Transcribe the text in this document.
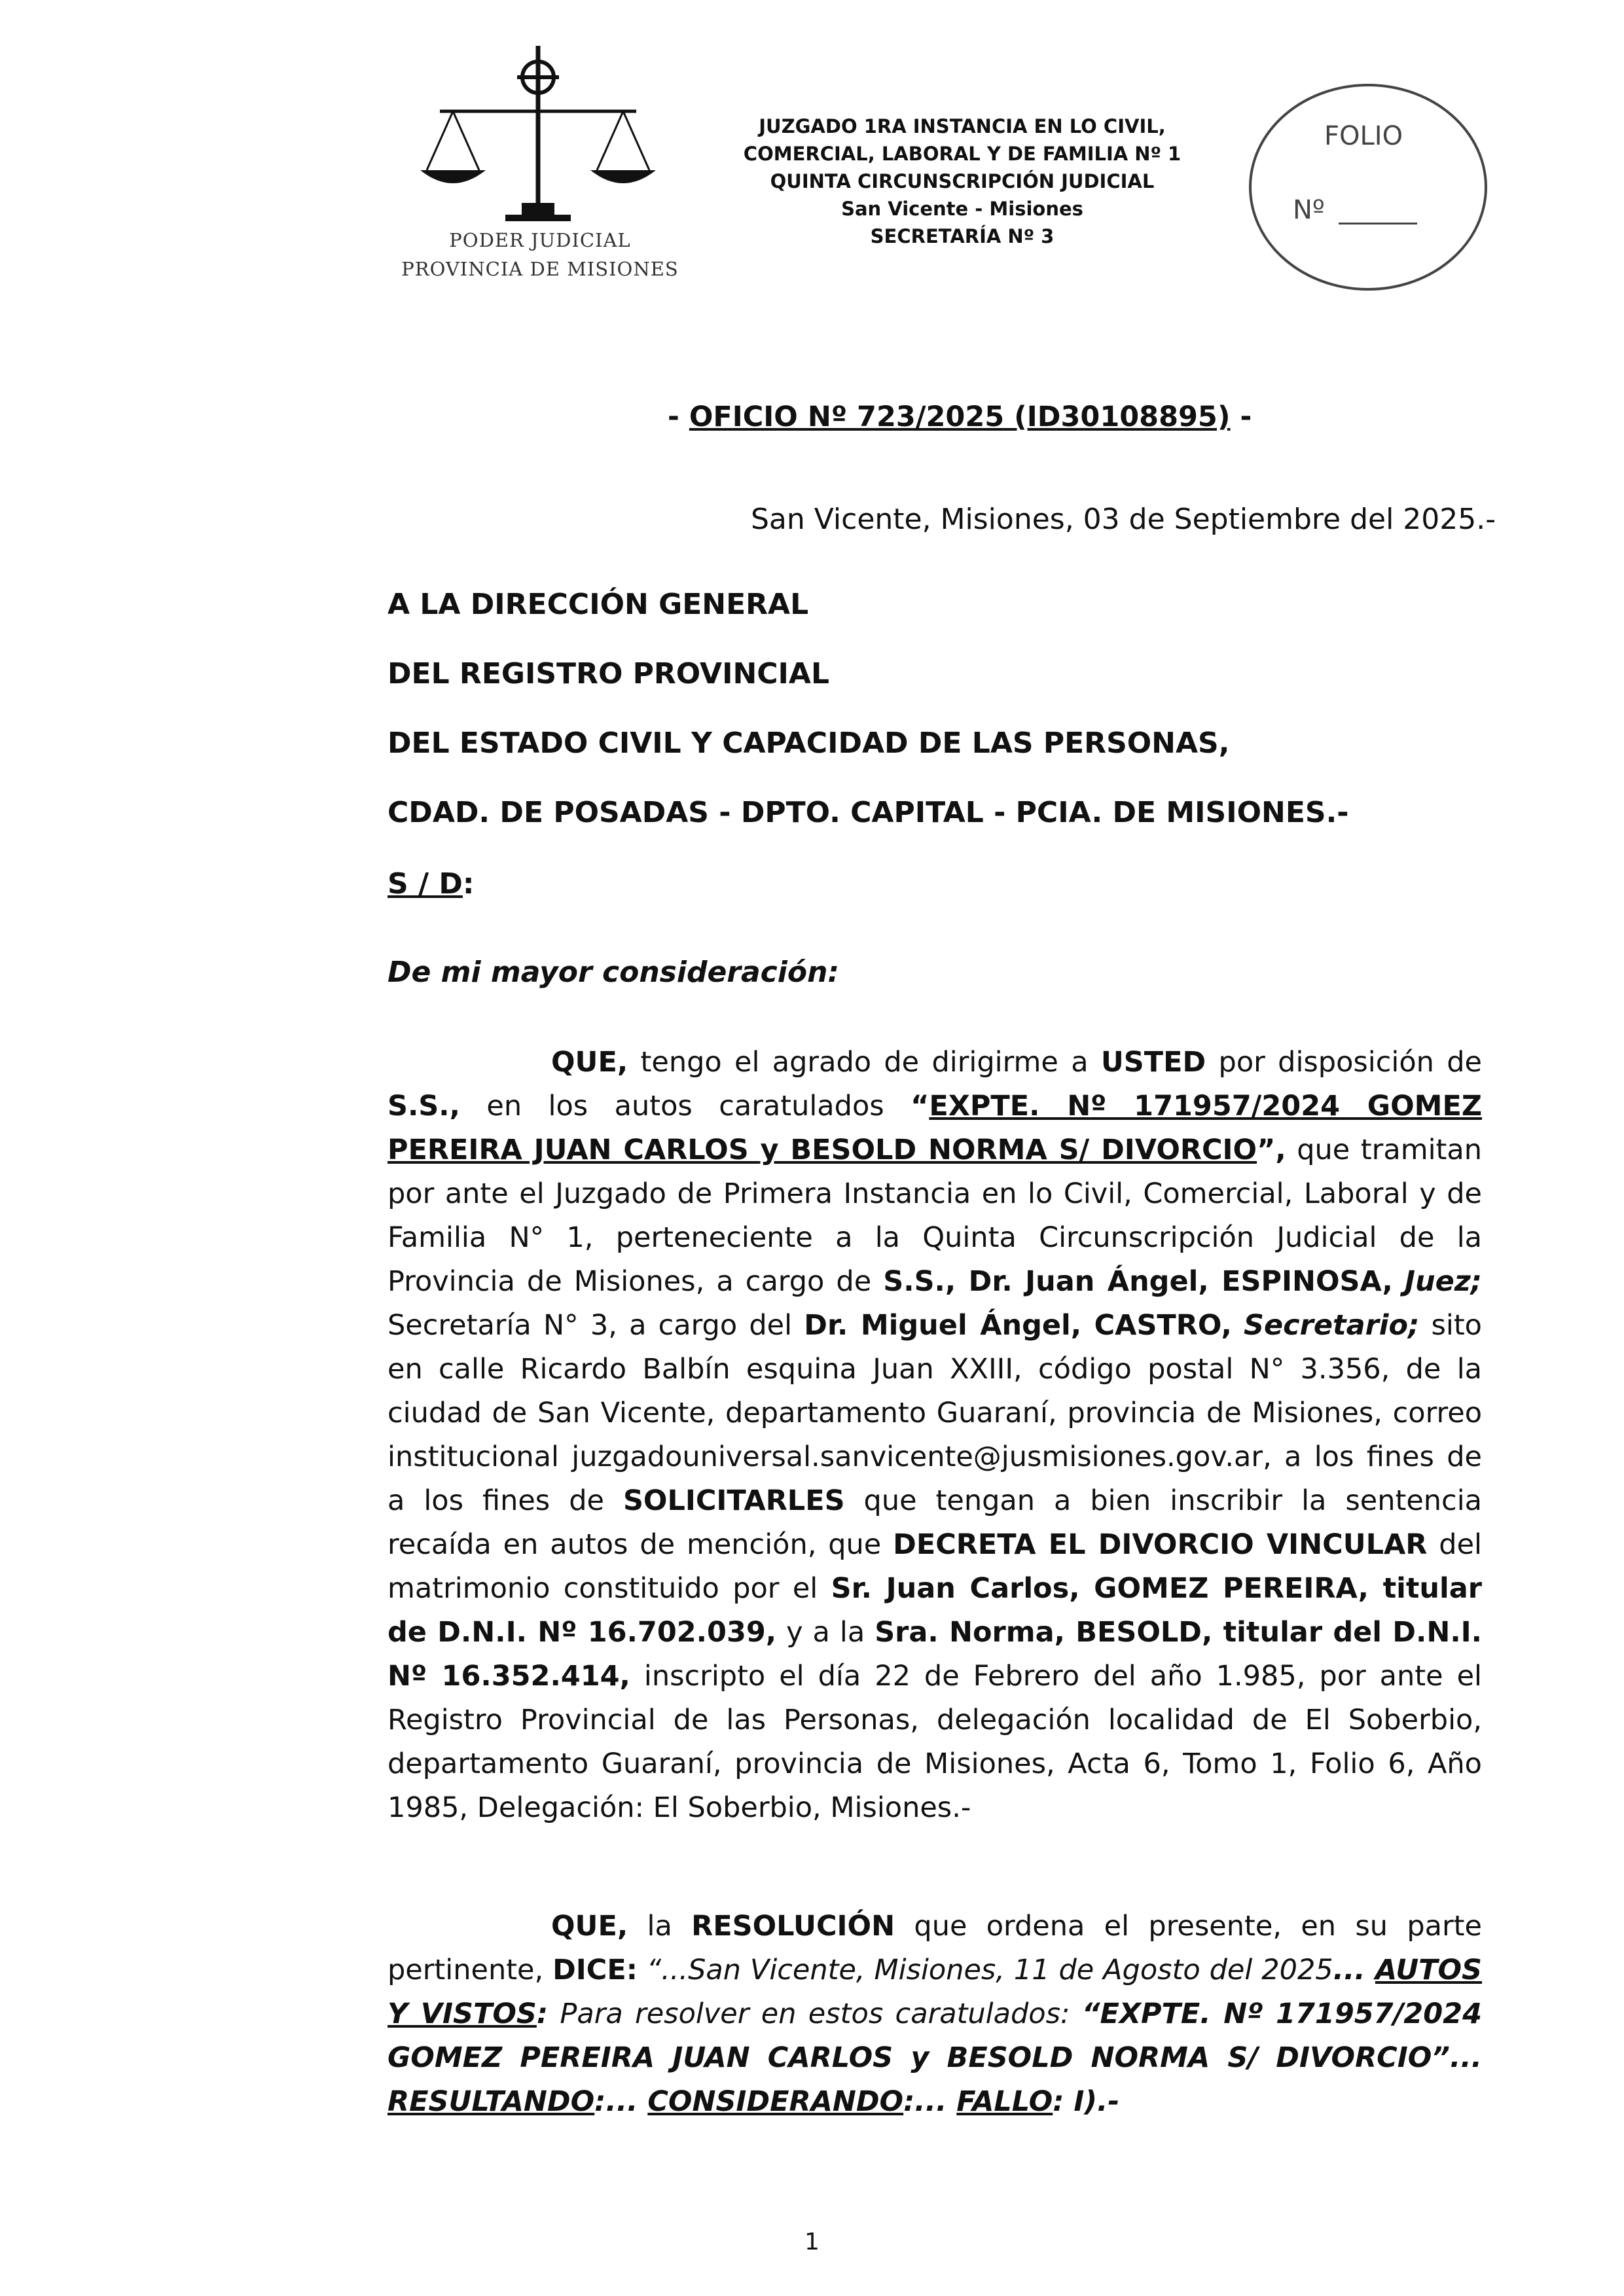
PODER JUDICIAL
PROVINCIA DE MISIONES
JUZGADO 1RA INSTANCIA EN LO CIVIL,
COMERCIAL, LABORAL Y DE FAMILIA Nº 1
QUINTA CIRCUNSCRIPCIÓN JUDICIAL
San Vicente - Misiones
SECRETARÍA Nº 3
FOLIO
Nº
- OFICIO Nº 723/2025 (ID30108895) -
San Vicente, Misiones, 03 de Septiembre del 2025.-
A LA DIRECCIÓN GENERAL
DEL REGISTRO PROVINCIAL
DEL ESTADO CIVIL Y CAPACIDAD DE LAS PERSONAS,
CDAD. DE POSADAS - DPTO. CAPITAL - PCIA. DE MISIONES.-
S / D:
De mi mayor consideración:
QUE, tengo el agrado de dirigirme a USTED por disposición de S.S., en los autos caratulados “EXPTE. Nº 171957/2024 GOMEZ PEREIRA JUAN CARLOS y BESOLD NORMA S/ DIVORCIO”, que tramitan por ante el Juzgado de Primera Instancia en lo Civil, Comercial, Laboral y de Familia N° 1, perteneciente a la Quinta Circunscripción Judicial de la Provincia de Misiones, a cargo de S.S., Dr. Juan Ángel, ESPINOSA, Juez; Secretaría N° 3, a cargo del Dr. Miguel Ángel, CASTRO, Secretario; sito en calle Ricardo Balbín esquina Juan XXIII, código postal N° 3.356, de la ciudad de San Vicente, departamento Guaraní, provincia de Misiones, correo institucional juzgadouniversal.sanvicente@jusmisiones.gov.ar, a los fines de a los fines de SOLICITARLES que tengan a bien inscribir la sentencia recaída en autos de mención, que DECRETA EL DIVORCIO VINCULAR del matrimonio constituido por el Sr. Juan Carlos, GOMEZ PEREIRA, titular de D.N.I. Nº 16.702.039, y a la Sra. Norma, BESOLD, titular del D.N.I. Nº 16.352.414, inscripto el día 22 de Febrero del año 1.985, por ante el Registro Provincial de las Personas, delegación localidad de El Soberbio, departamento Guaraní, provincia de Misiones, Acta 6, Tomo 1, Folio 6, Año 1985, Delegación: El Soberbio, Misiones.-
QUE, la RESOLUCIÓN que ordena el presente, en su parte pertinente, DICE: “...San Vicente, Misiones, 11 de Agosto del 2025... AUTOS Y VISTOS: Para resolver en estos caratulados: “EXPTE. Nº 171957/2024 GOMEZ PEREIRA JUAN CARLOS y BESOLD NORMA S/ DIVORCIO”... RESULTANDO:... CONSIDERANDO:... FALLO: I).-
1
